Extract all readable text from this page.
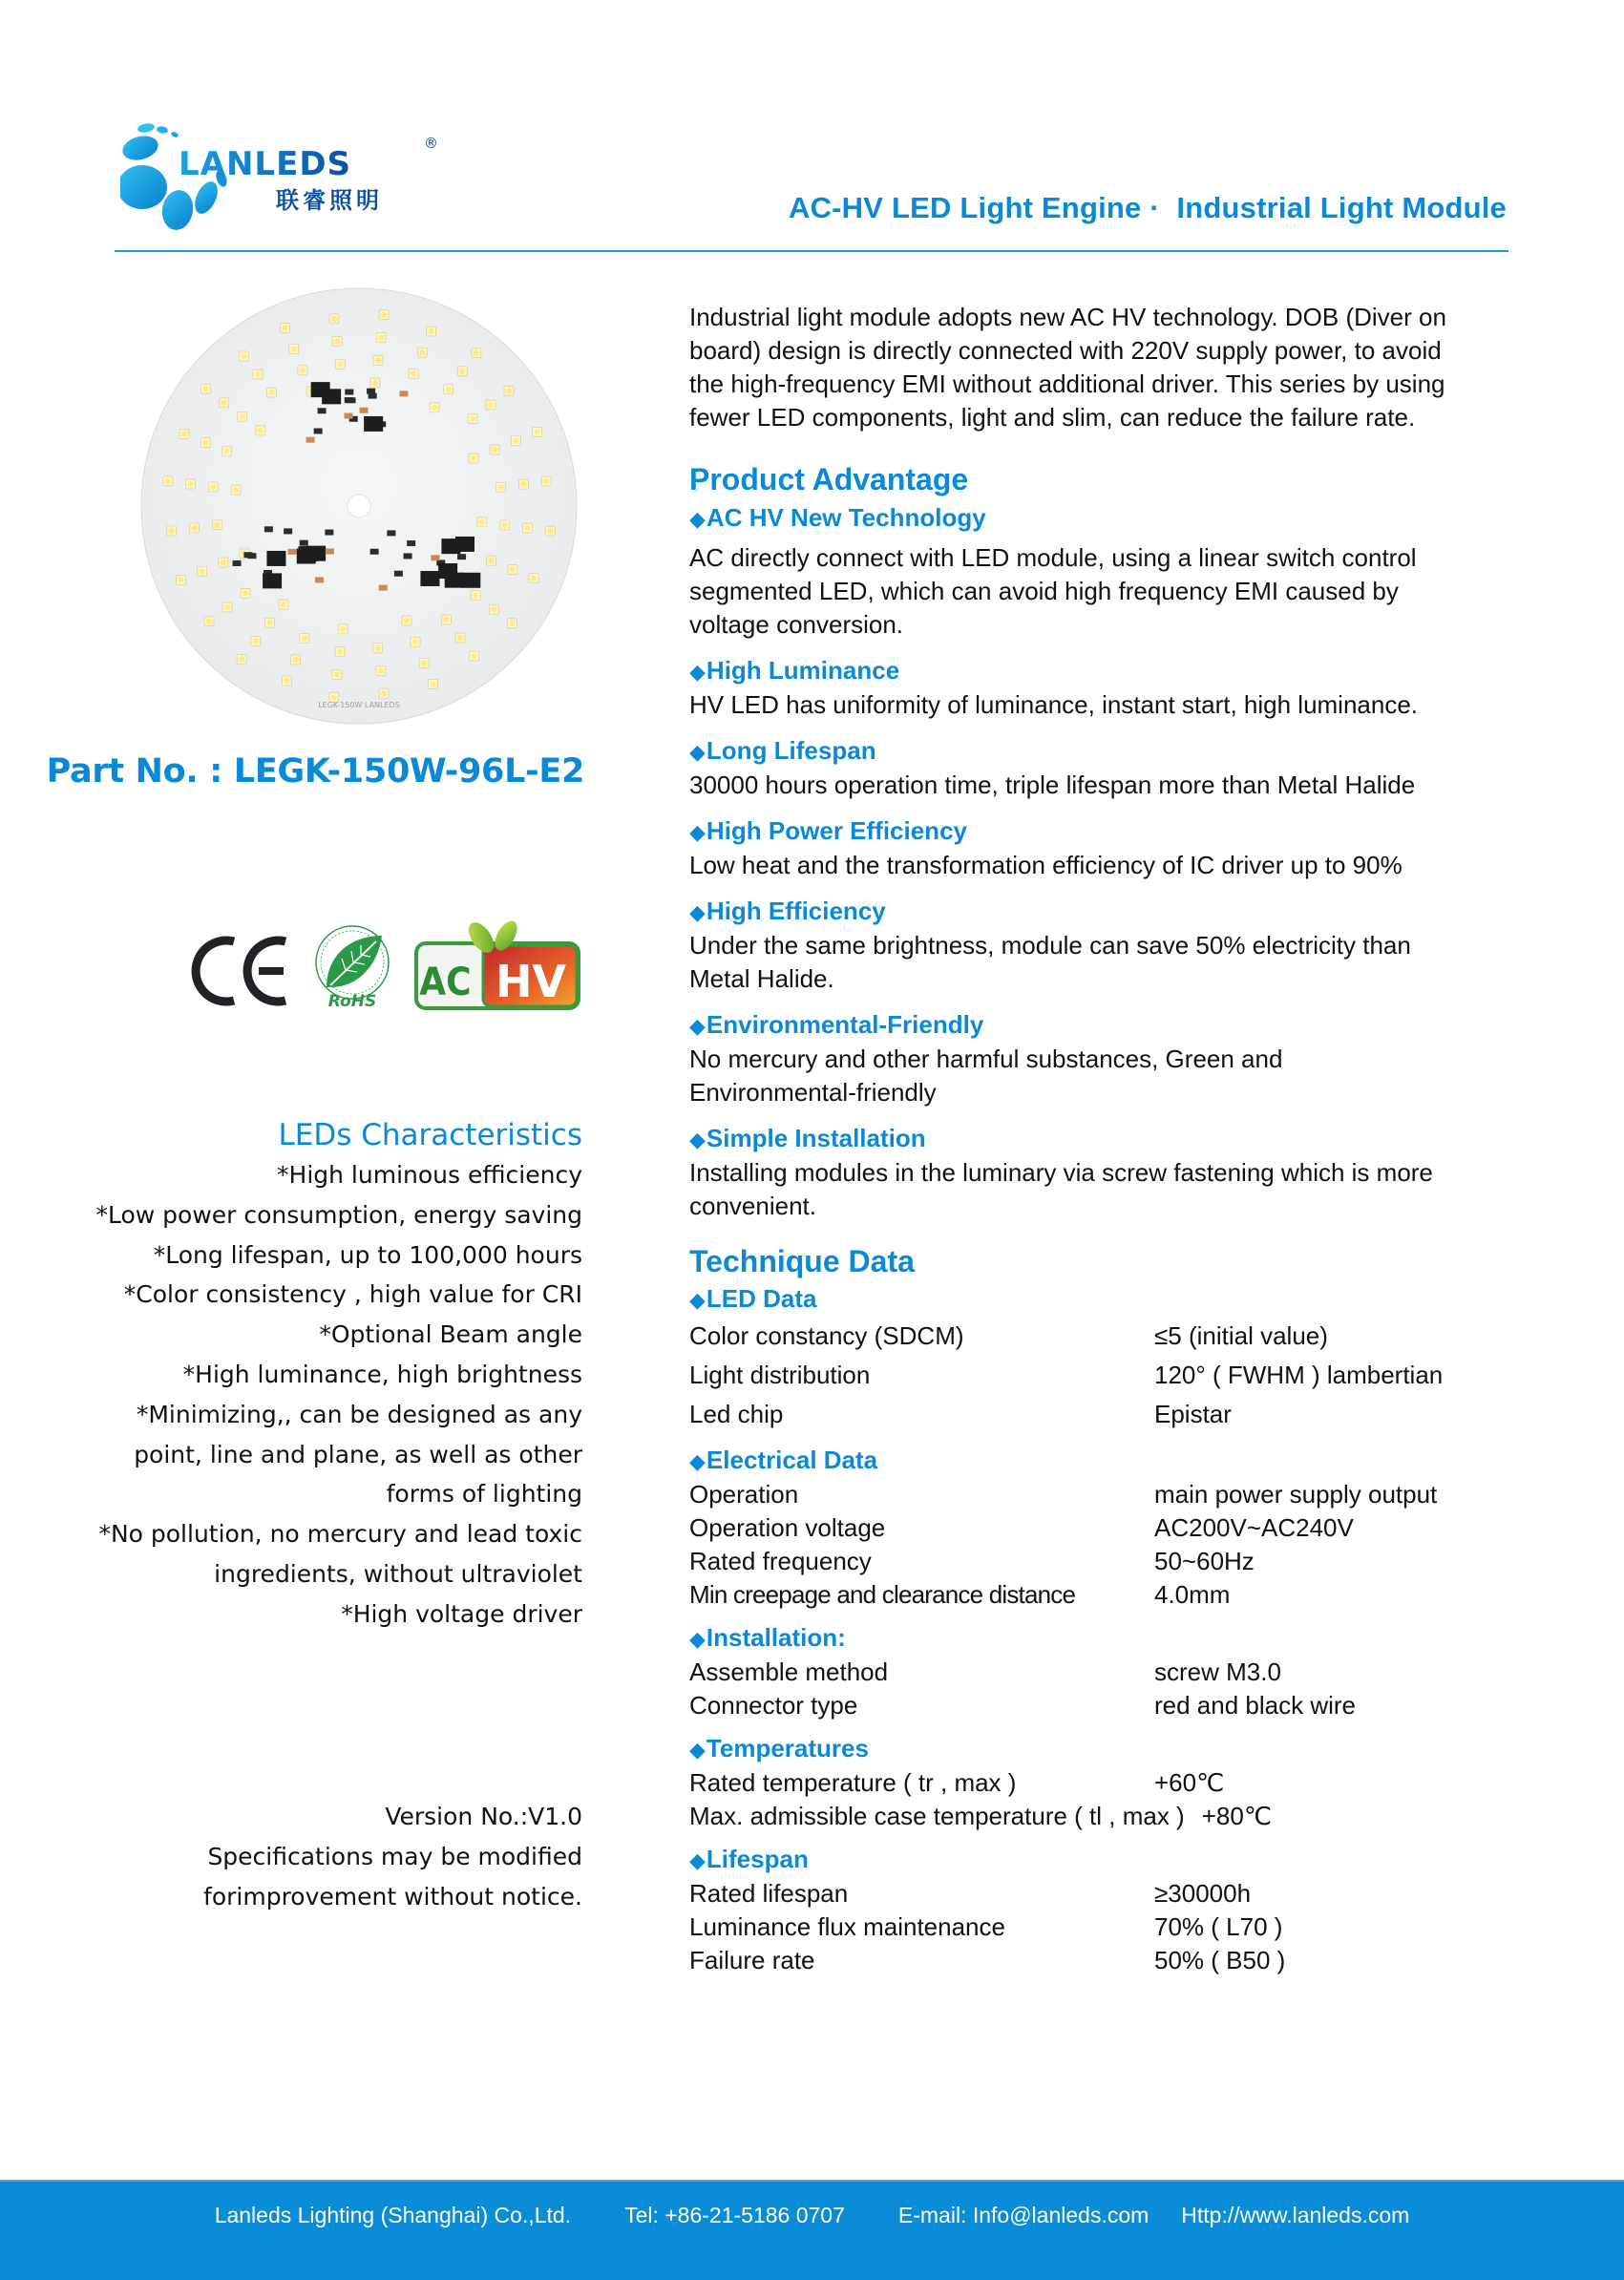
LANLEDS
联睿照明
®
AC-HV LED Light Engine ·  Industrial Light Module
LEGK-150W LANLEDS
Part No. : LEGK-150W-96L-E2
RoHS AC HV
LEDs Characteristics
*High luminous efficiency
*Low power consumption, energy saving
*Long lifespan, up to 100,000 hours
*Color consistency , high value for CRI
*Optional Beam angle
*High luminance, high brightness
*Minimizing,, can be designed as any
point, line and plane, as well as other
forms of lighting
*No pollution, no mercury and lead toxic
ingredients, without ultraviolet
*High voltage driver
Version No.:V1.0
Specifications may be modified
forimprovement without notice.

Industrial light module adopts new AC HV technology. DOB (Diver on

board) design is directly connected with 220V supply power, to avoid

the high-frequency EMI without additional driver. This series by using

fewer LED components, light and slim, can reduce the failure rate.

Product Advantage
◆AC HV New Technology

AC directly connect with LED module, using a linear switch control

segmented LED, which can avoid high frequency EMI caused by

voltage conversion.

◆High Luminance

HV LED has uniformity of luminance, instant start, high luminance.

◆Long Lifespan

30000 hours operation time, triple lifespan more than Metal Halide

◆High Power Efficiency

Low heat and the transformation efficiency of IC driver up to 90%

◆High Efficiency

Under the same brightness, module can save 50% electricity than

Metal Halide.

◆Environmental-Friendly

No mercury and other harmful substances, Green and

Environmental-friendly

◆Simple Installation

Installing modules in the luminary via screw fastening which is more

convenient.

Technique Data
◆LED Data
Color constancy (SDCM)	≤5 (initial value)
Light distribution	120° ( FWHM ) lambertian
Led chip	Epistar
◆Electrical Data
Operation	main power supply output
Operation voltage	AC200V~AC240V
Rated frequency	50~60Hz
Min creepage and clearance distance	4.0mm
◆Installation:
Assemble method	screw M3.0
Connector type	red and black wire
◆Temperatures
Rated temperature ( tr , max )	+60℃
Max. admissible case temperature ( tl , max ) +80℃
◆Lifespan
Rated lifespan	≥30000h
Luminance flux maintenance	70% ( L70 )
Failure rate	50% ( B50 )
Lanleds Lighting (Shanghai) Co.,Ltd. Tel: +86-21-5186 0707 E-mail: Info@lanleds.com Http://www.lanleds.com
